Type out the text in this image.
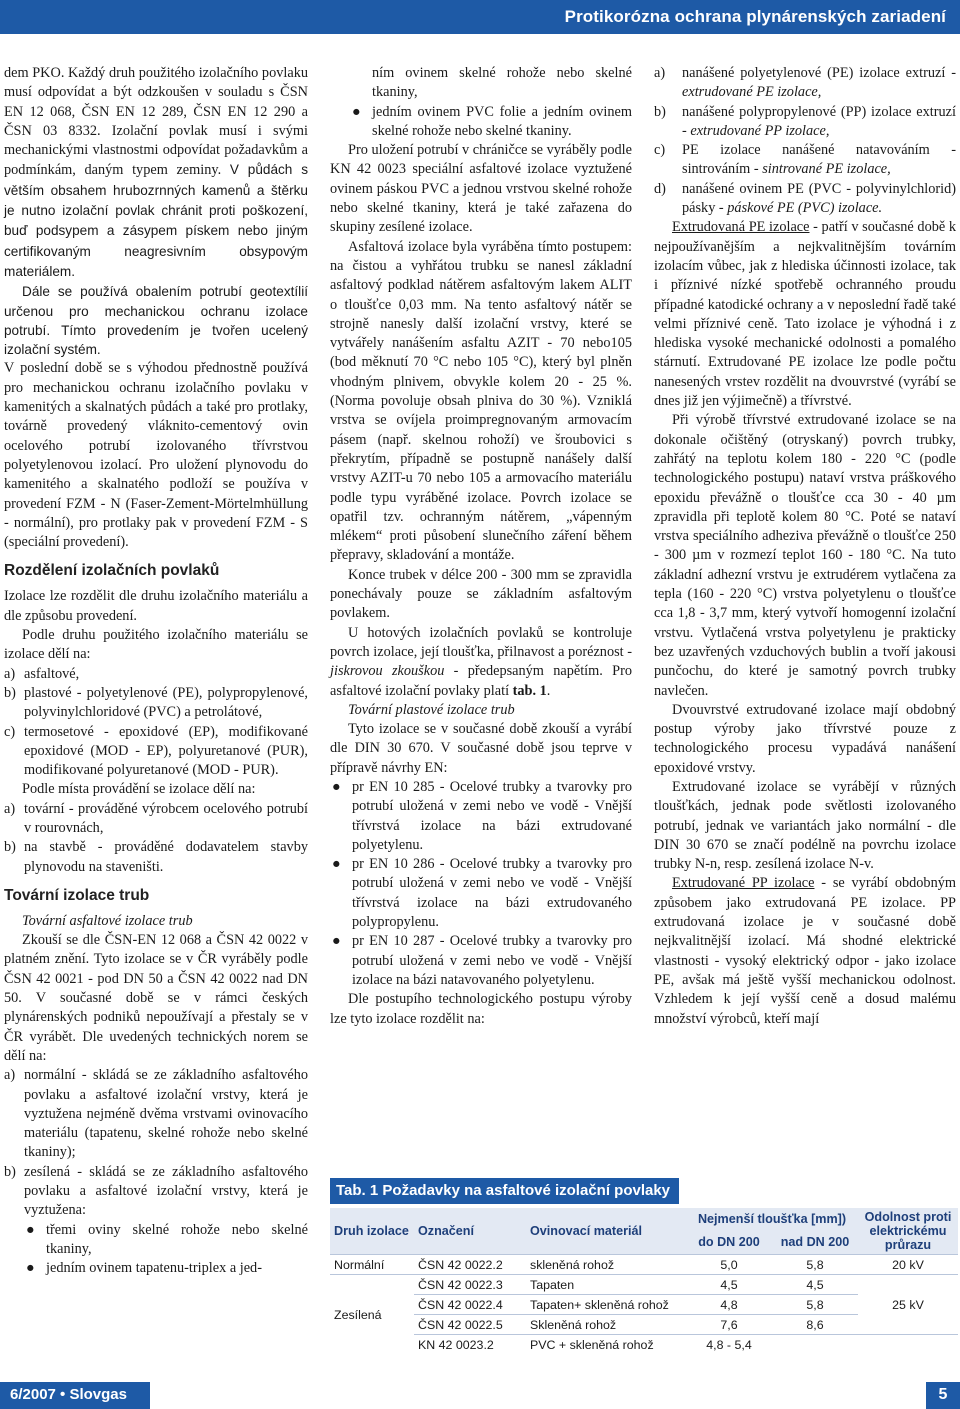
Protikorózna ochrana plynárenských zariadení

dem PKO. Každý druh použitého izolačního povlaku musí odpovídat a být odzkoušen v souladu s ČSN EN 12 068, ČSN EN 12 289, ČSN EN 12 290 a ČSN 03 8332. Izolační povlak musí i svými mechanickými vlastnostmi odpovídat požadavkům a podmínkám, daným typem zeminy. V půdách s větším obsahem hrubozrnných kamenů a štěrku je nutno izolační povlak chránit proti poškození, buď podsypem a zásypem pískem nebo jiným certifikovaným neagresivním obsypovým materiálem.

Dále se používá obalením potrubí geotextílií určenou pro mechanickou ochranu izolace potrubí. Tímto provedením je tvořen ucelený izolační systém.

V poslední době se s výhodou přednostně používá pro mechanickou ochranu izolačního povlaku v kamenitých a skalnatých půdách a také pro protlaky, továrně provedený vláknito-cementový ovin ocelového potrubí izolovaného třívrstvou polyetylenovou izolací. Pro uložení plynovodu do kamenitého a skalnatého podloží se používa v provedení FZM - N (Faser-Zement-Mörtelmhüllung - normální), pro protlaky pak v provedení FZM - S (speciální provedení).

Rozdělení izolačních povlaků

Izolace lze rozdělit dle druhu izolačního materiálu a dle způsobu provedení.

Podle druhu použitého izolačního materiálu se izolace dělí na:

a) asfaltové,
b) plastové - polyetylenové (PE), polypropylenové, polyvinylchloridové (PVC) a petrolátové,
c) termosetové - epoxidové (EP), modifikované epoxidové (MOD - EP), polyuretanové (PUR), modifikované polyuretanové (MOD - PUR).

Podle místa provádění se izolace dělí na:

a) tovární - prováděné výrobcem ocelového potrubí v rourovnách,
b) na stavbě - prováděné dodavatelem stavby plynovodu na staveništi.
Tovární izolace trub

Tovární asfaltové izolace trub

Zkouší se dle ČSN-EN 12 068 a ČSN 42 0022 v platném znění. Tyto izolace se v ČR vyráběly podle ČSN 42 0021 - pod DN 50 a ČSN 42 0022 nad DN 50. V současné době se v rámci českých plynárenských podniků nepoužívají a přestaly se v ČR vyrábět. Dle uvedených technických norem se dělí na:

a) normální - skládá se ze základního asfaltového povlaku a asfaltové izolační vrstvy, která je vyztužena nejméně dvěma vrstvami ovinovacího materiálu (tapatenu, skelné rohože nebo skelné tkaniny);
b) zesílená - skládá se ze základního asfaltového povlaku a asfaltové izolační vrstvy, která je vyztužena:
● třemi oviny skelné rohože nebo skelné tkaniny,
● jedním ovinem tapatenu-triplex a jed-

ním ovinem skelné rohože nebo skelné tkaniny,

● jedním ovinem PVC folie a jedním ovinem skelné rohože nebo skelné tkaniny.

Pro uložení potrubí v chráničce se vyráběly podle KN 42 0023 speciální asfaltové izolace vyztužené ovinem páskou PVC a jednou vrstvou skelné rohože nebo skelné tkaniny, která je také zařazena do skupiny zesílené izolace.

Asfaltová izolace byla vyráběna tímto postupem: na čistou a vyhřátou trubku se nanesl základní asfaltový podklad nátěrem asfaltovým lakem ALIT o tloušťce 0,03 mm. Na tento asfaltový nátěr se strojně nanesly další izolační vrstvy, které se vytvářely nanášením asfaltu AZIT - 70 nebo105 (bod měknutí 70 °C nebo 105 °C), který byl plněn vhodným plnivem, obvykle kolem 20 - 25 %. (Norma povoluje obsah plniva do 30 %). Vzniklá vrstva se ovíjela proimpregnovaným armovacím pásem (např. skelnou rohoží) ve šroubovici s překrytím, případně se postupně nanášely další vrstvy AZIT-u 70 nebo 105 a armovacího materiálu podle typu vyráběné izolace. Povrch izolace se opatřil tzv. ochranným nátěrem, „vápenným mlékem“ proti působení slunečního záření během přepravy, skladování a montáže.

Konce trubek v délce 200 - 300 mm se zpravidla ponechávaly pouze se základním asfaltovým povlakem.

U hotových izolačních povlaků se kontroluje povrch izolace, její tloušťka, přilnavost a poréznost - jiskrovou zkouškou - předepsaným napětím. Pro asfaltové izolační povlaky platí tab. 1.

Tovární plastové izolace trub

Tyto izolace se v současné době zkouší a vyrábí dle DIN 30 670. V současné době jsou teprve v přípravě návrhy EN:

● pr EN 10 285 - Ocelové trubky a tvarovky pro potrubí uložená v zemi nebo ve vodě - Vnější třívrstvá izolace na bázi extrudované polyetylenu.
● pr EN 10 286 - Ocelové trubky a tvarovky pro potrubí uložená v zemi nebo ve vodě - Vnější třívrstvá izolace na bázi extrudovaného polypropylenu.
● pr EN 10 287 - Ocelové trubky a tvarovky pro potrubí uložená v zemi nebo ve vodě - Vnější izolace na bázi natavovaného polyetylenu.

Dle postupího technologického postupu výroby lze tyto izolace rozdělit na:

a) nanášené polyetylenové (PE) izolace extruzí - extrudované PE izolace,
b) nanášené polypropylenové (PP) izolace extruzí - extrudované PP izolace,
c) PE izolace nanášené natavováním - sintrováním - sintrované PE izolace,
d) nanášené ovinem PE (PVC - polyvinylchlorid) pásky - páskové PE (PVC) izolace.

Extrudovaná PE izolace - patří v současné době k nejpoužívanějším a nejkvalitnějším továrním izolacím vůbec, jak z hlediska účinnosti izolace, tak i příznivé nízké spotřebě ochranného proudu případné katodické ochrany a v neposlední řadě také velmi příznivé ceně. Tato izolace je výhodná i z hlediska vysoké mechanické odolnosti a pomalého stárnutí. Extrudované PE izolace lze podle počtu nanesených vrstev rozdělit na dvouvrstvé (vyrábí se dnes již jen výjimečně) a třívrstvé.

Při výrobě třívrstvé extrudované izolace se na dokonale očištěný (otryskaný) povrch trubky, zahřátý na teplotu kolem 180 - 220 °C (podle technologického postupu) nataví vrstva práškového epoxidu převážně o tloušťce cca 30 - 40 µm zpravidla při teplotě kolem 80 °C. Poté se nataví vrstva speciálního adheziva převážně o tloušťce 250 - 300 µm v rozmezí teplot 160 - 180 °C. Na tuto základní adhezní vrstvu je extrudérem vytlačena za tepla (160 - 220 °C) vrstva polyetylenu o tloušťce cca 1,8 - 3,7 mm, který vytvoří homogenní izolační vrstvu. Vytlačená vrstva polyetylenu je prakticky bez uzavřených vzduchových bublin a tvoří jakousi punčochu, do které je samotný povrch trubky navlečen.

Dvouvrstvé extrudované izolace mají obdobný postup výroby jako třívrstvé pouze z technologického procesu vypadává nanášení epoxidové vrstvy.

Extrudované izolace se vyrábějí v různých tloušťkách, jednak pode světlosti izolovaného potrubí, jednak ve variantách jako normální - dle DIN 30 670 se značí podélně na povrchu izolace trubky N-n, resp. zesílená izolace N-v.

Extrudované PP izolace - se vyrábí obdobným způsobem jako extrudovaná PE izolace. PP extrudovaná izolace je v současné době nejkvalitnější izolací. Má shodné elektrické vlastnosti - vysoký elektrický odpor - jako izolace PE, avšak má ještě vyšší mechanickou odolnost. Vzhledem k její vyšší ceně a dosud malému množství výrobců, kteří mají

Tab. 1 Požadavky na asfaltové izolační povlaky
Druh izolace	Označení	Ovinovací materiál	Nejmenší tloušťka [mm])		Odolnost proti elektrickému průrazu
			do DN 200	nad DN 200	
Normální	ČSN 42 0022.2	skleněná rohož	5,0	5,8	20 kV
Zesílená	ČSN 42 0022.3	Tapaten	4,5	4,5	25 kV
	ČSN 42 0022.4	Tapaten+ skleněná rohož	4,8	5,8	
	ČSN 42 0022.5	Skleněná rohož	7,6	8,6	
	KN 42 0023.2	PVC + skleněná rohož	4,8 - 5,4		
6/2007 • Slovgas	5
